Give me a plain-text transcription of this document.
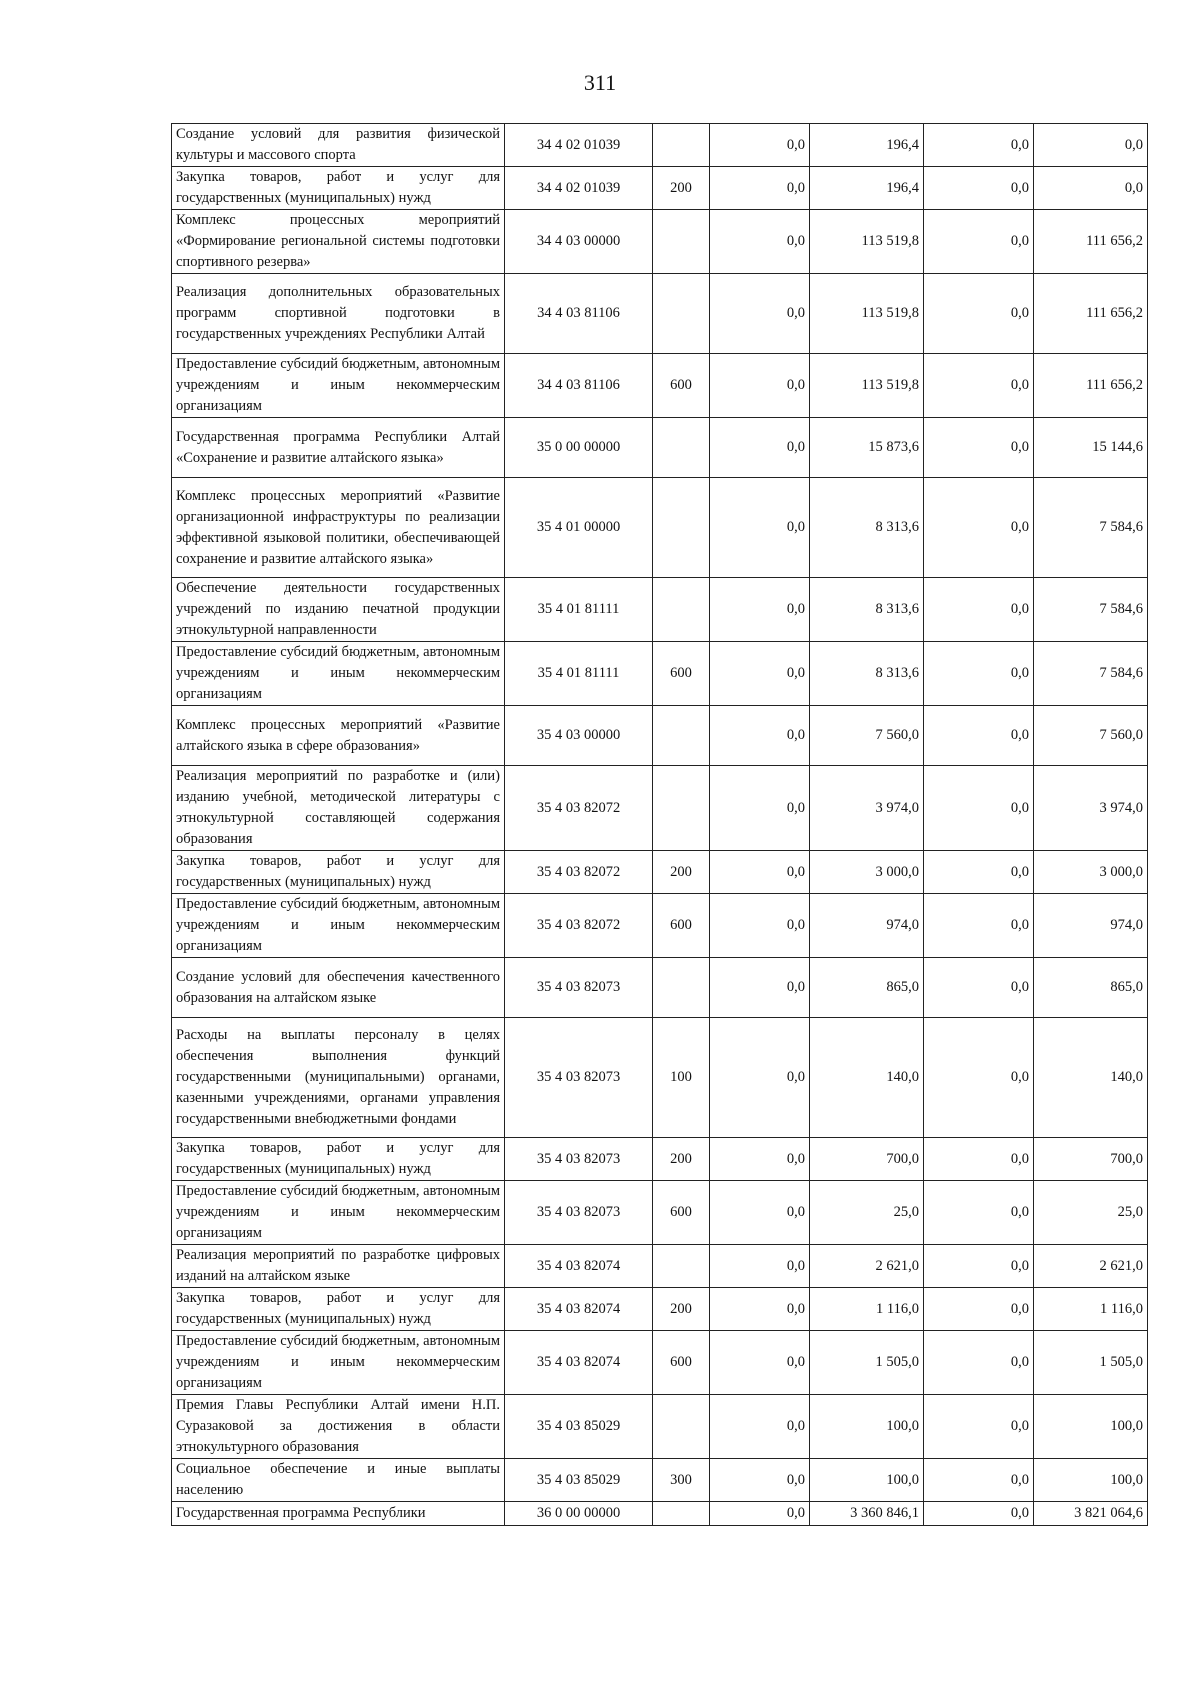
311
Создание условий для развития физической культуры и массового спорта	34 4 02 01039		0,0	196,4	0,0	0,0
Закупка товаров, работ и услуг для государственных (муниципальных) нужд	34 4 02 01039	200	0,0	196,4	0,0	0,0
Комплекс процессных мероприятий «Формирование региональной системы подготовки спортивного резерва»	34 4 03 00000		0,0	113 519,8	0,0	111 656,2
Реализация дополнительных образовательных программ спортивной подготовки в государственных учреждениях Республики Алтай	34 4 03 81106		0,0	113 519,8	0,0	111 656,2
Предоставление субсидий бюджетным, автономным учреждениям и иным некоммерческим организациям	34 4 03 81106	600	0,0	113 519,8	0,0	111 656,2
Государственная программа Республики Алтай «Сохранение и развитие алтайского языка»	35 0 00 00000		0,0	15 873,6	0,0	15 144,6
Комплекс процессных мероприятий «Развитие организационной инфраструктуры по реализации эффективной языковой политики, обеспечивающей сохранение и развитие алтайского языка»	35 4 01 00000		0,0	8 313,6	0,0	7 584,6
Обеспечение деятельности государственных учреждений по изданию печатной продукции этнокультурной направленности	35 4 01 81111		0,0	8 313,6	0,0	7 584,6
Предоставление субсидий бюджетным, автономным учреждениям и иным некоммерческим организациям	35 4 01 81111	600	0,0	8 313,6	0,0	7 584,6
Комплекс процессных мероприятий «Развитие алтайского языка в сфере образования»	35 4 03 00000		0,0	7 560,0	0,0	7 560,0
Реализация мероприятий по разработке и (или) изданию учебной, методической литературы с этнокультурной составляющей содержания образования	35 4 03 82072		0,0	3 974,0	0,0	3 974,0
Закупка товаров, работ и услуг для государственных (муниципальных) нужд	35 4 03 82072	200	0,0	3 000,0	0,0	3 000,0
Предоставление субсидий бюджетным, автономным учреждениям и иным некоммерческим организациям	35 4 03 82072	600	0,0	974,0	0,0	974,0
Создание условий для обеспечения качественного образования на алтайском языке	35 4 03 82073		0,0	865,0	0,0	865,0
Расходы на выплаты персоналу в целях обеспечения выполнения функций государственными (муниципальными) органами, казенными учреждениями, органами управления государственными внебюджетными фондами	35 4 03 82073	100	0,0	140,0	0,0	140,0
Закупка товаров, работ и услуг для государственных (муниципальных) нужд	35 4 03 82073	200	0,0	700,0	0,0	700,0
Предоставление субсидий бюджетным, автономным учреждениям и иным некоммерческим организациям	35 4 03 82073	600	0,0	25,0	0,0	25,0
Реализация мероприятий по разработке цифровых изданий на алтайском языке	35 4 03 82074		0,0	2 621,0	0,0	2 621,0
Закупка товаров, работ и услуг для государственных (муниципальных) нужд	35 4 03 82074	200	0,0	1 116,0	0,0	1 116,0
Предоставление субсидий бюджетным, автономным учреждениям и иным некоммерческим организациям	35 4 03 82074	600	0,0	1 505,0	0,0	1 505,0
Премия Главы Республики Алтай имени Н.П. Суразаковой за достижения в области этнокультурного образования	35 4 03 85029		0,0	100,0	0,0	100,0
Социальное обеспечение и иные выплаты населению	35 4 03 85029	300	0,0	100,0	0,0	100,0
Государственная программа Республики	36 0 00 00000		0,0	3 360 846,1	0,0	3 821 064,6
